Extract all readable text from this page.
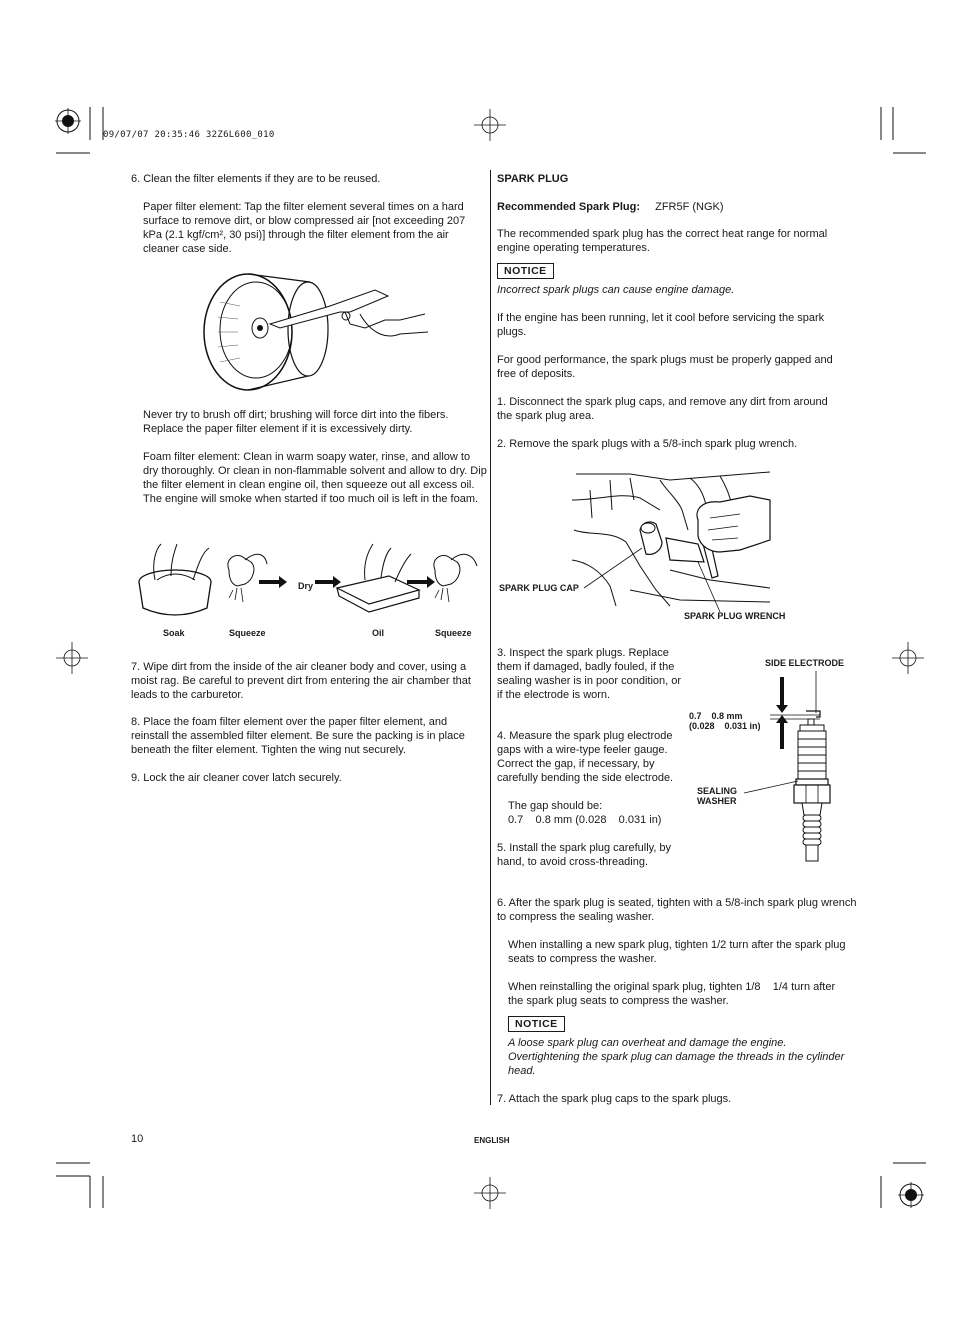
09/07/07 20:35:46 32Z6L600_010
6. Clean the filter elements if they are to be reused.
Paper filter element: Tap the filter element several times on a hard surface to remove dirt, or blow compressed air [not exceeding 207 kPa (2.1 kgf/cm², 30 psi)] through the filter element from the air cleaner case side.
Never try to brush off dirt; brushing will force dirt into the fibers. Replace the paper filter element if it is excessively dirty.
Foam filter element: Clean in warm soapy water, rinse, and allow to dry thoroughly. Or clean in non-flammable solvent and allow to dry. Dip the filter element in clean engine oil, then squeeze out all excess oil. The engine will smoke when started if too much oil is left in the foam.
Dry
Soak	Squeeze	Oil	Squeeze
7. Wipe dirt from the inside of the air cleaner body and cover, using a moist rag. Be careful to prevent dirt from entering the air chamber that leads to the carburetor.
8. Place the foam filter element over the paper filter element, and reinstall the assembled filter element. Be sure the packing is in place beneath the filter element. Tighten the wing nut securely.
9. Lock the air cleaner cover latch securely.
SPARK PLUG
Recommended Spark Plug: ZFR5F (NGK)
The recommended spark plug has the correct heat range for normal engine operating temperatures.
NOTICE
Incorrect spark plugs can cause engine damage.
If the engine has been running, let it cool before servicing the spark plugs.
For good performance, the spark plugs must be properly gapped and free of deposits.
1. Disconnect the spark plug caps, and remove any dirt from around the spark plug area.
2. Remove the spark plugs with a 5/8-inch spark plug wrench.
SPARK PLUG CAP
SPARK PLUG WRENCH
3. Inspect the spark plugs. Replace them if damaged, badly fouled, if the sealing washer is in poor condition, or if the electrode is worn.
4. Measure the spark plug electrode gaps with a wire-type feeler gauge. Correct the gap, if necessary, by carefully bending the side electrode.
The gap should be:
0.7    0.8 mm (0.028    0.031 in)
5. Install the spark plug carefully, by hand, to avoid cross-threading.
SIDE ELECTRODE
0.7    0.8 mm
(0.028    0.031 in)
SEALING
WASHER
6. After the spark plug is seated, tighten with a 5/8-inch spark plug wrench to compress the sealing washer.
When installing a new spark plug, tighten 1/2 turn after the spark plug seats to compress the washer.
When reinstalling the original spark plug, tighten 1/8    1/4 turn after the spark plug seats to compress the washer.
NOTICE
A loose spark plug can overheat and damage the engine. Overtightening the spark plug can damage the threads in the cylinder head.
7. Attach the spark plug caps to the spark plugs.
10	ENGLISH
